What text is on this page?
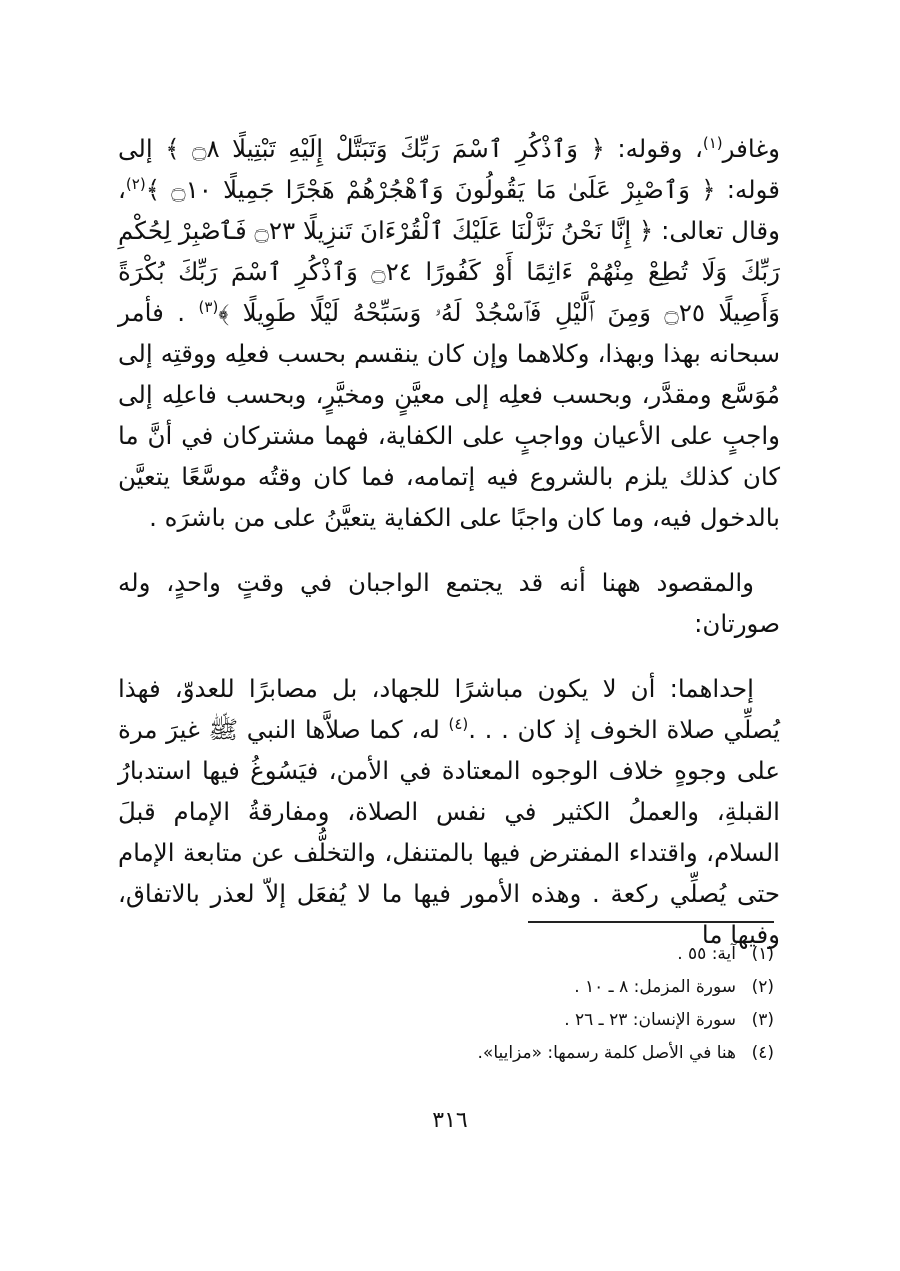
وغافر$^{(١)}$، وقوله: ﴿ وَٱذْكُرِ ٱسْمَ رَبِّكَ وَتَبَتَّلْ إِلَيْهِ تَبْتِيلًا ۝٨ ﴾ إلى قوله: ﴿ وَٱصْبِرْ عَلَىٰ مَا يَقُولُونَ وَٱهْجُرْهُمْ هَجْرًا جَمِيلًا ۝١٠ ﴾$^{(٢)}$، وقال تعالى: ﴿ إِنَّا نَحْنُ نَزَّلْنَا عَلَيْكَ ٱلْقُرْءَانَ تَنزِيلًا ۝٢٣ فَٱصْبِرْ لِحُكْمِ رَبِّكَ وَلَا تُطِعْ مِنْهُمْ ءَاثِمًا أَوْ كَفُورًا ۝٢٤ وَٱذْكُرِ ٱسْمَ رَبِّكَ بُكْرَةً وَأَصِيلًا ۝٢٥ وَمِنَ ٱلَّيْلِ فَٱسْجُدْ لَهُۥ وَسَبِّحْهُ لَيْلًا طَوِيلًا ﴾$^{(٣)}$ . فأمر سبحانه بهذا وبهذا، وكلاهما وإن كان ينقسم بحسب فعلِه ووقتِه إلى مُوَسَّع ومقدَّر، وبحسب فعلِه إلى معيَّنٍ ومخيَّرٍ، وبحسب فاعلِه إلى واجبٍ على الأعيان وواجبٍ على الكفاية، فهما مشتركان في أنَّ ما كان كذلك يلزم بالشروع فيه إتمامه، فما كان وقتُه موسَّعًا يتعيَّن بالدخول فيه، وما كان واجبًا على الكفاية يتعيَّنُ على من باشرَه .

والمقصود ههنا أنه قد يجتمع الواجبان في وقتٍ واحدٍ، وله صورتان:

إحداهما: أن لا يكون مباشرًا للجهاد، بل مصابرًا للعدوّ، فهذا يُصلِّي صلاة الخوف إذ كان . . .$^{(٤)}$ له، كما صلاَّها النبي ﷺ غيرَ مرة على وجوهٍ خلاف الوجوه المعتادة في الأمن، فيَسُوغُ فيها استدبارُ القبلةِ، والعملُ الكثير في نفس الصلاة، ومفارقةُ الإمام قبلَ السلام، واقتداء المفترض فيها بالمتنفل، والتخلُّف عن متابعة الإمام حتى يُصلِّي ركعة . وهذه الأمور فيها ما لا يُفعَل إلاّ لعذر بالاتفاق، وفيها ما

(١)آية: ٥٥ .
(٢)سورة المزمل: ٨ ـ ١٠ .
(٣)سورة الإنسان: ٢٣ ـ ٢٦ .
(٤)هنا في الأصل كلمة رسمها: «مزاييا».
٣١٦
